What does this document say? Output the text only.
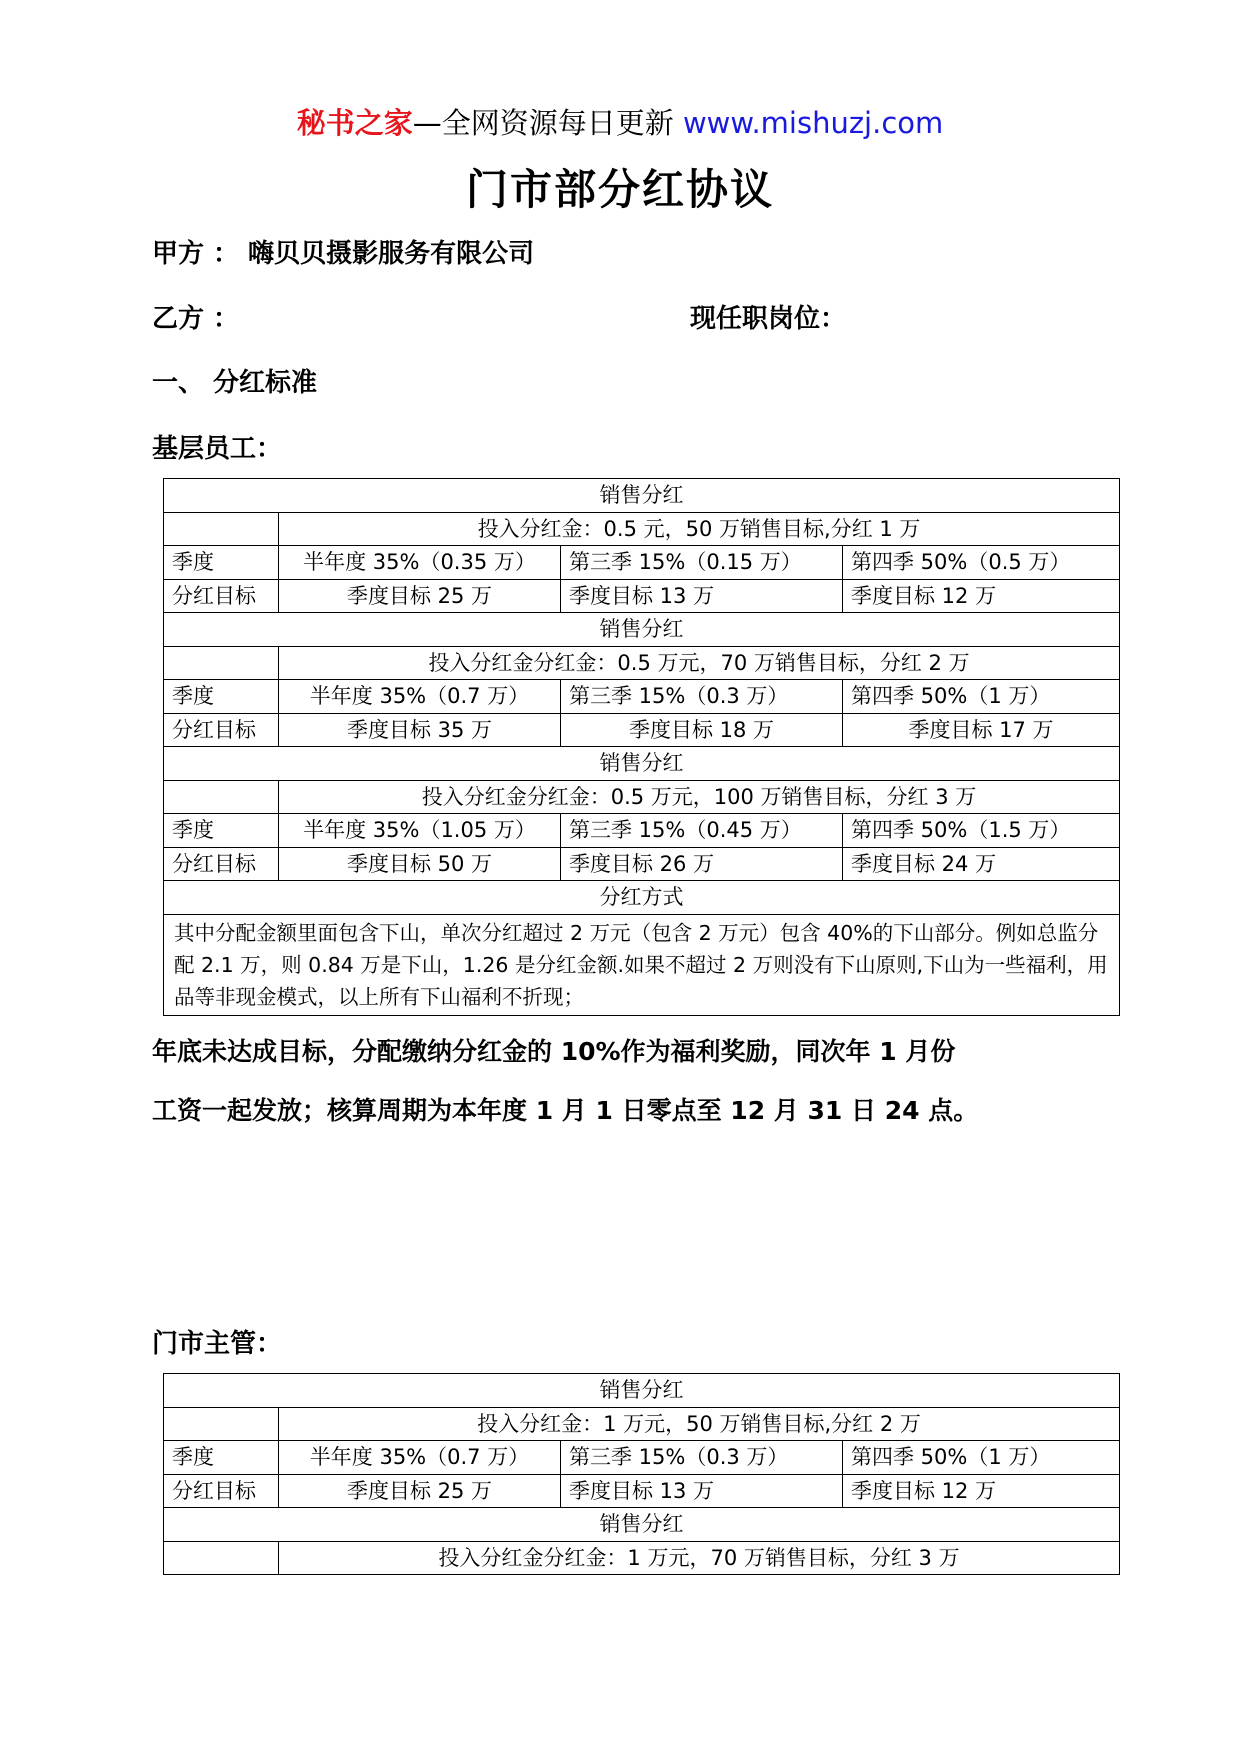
秘书之家—全网资源每日更新 www.mishuzj.com
门市部分红协议
甲方 ： 嗨贝贝摄影服务有限公司
乙方 ：	现任职岗位：
一、 分红标准
基层员工：
销售分红			
	投入分红金：0.5 元，50 万销售目标,分红 1 万		
季度	半年度 35%（0.35 万）	第三季 15%（0.15 万）	第四季 50%（0.5 万）
分红目标	季度目标 25 万	季度目标 13 万	季度目标 12 万
销售分红			
	投入分红金分红金：0.5 万元，70 万销售目标，分红 2 万		
季度	半年度 35%（0.7 万）	第三季 15%（0.3 万）	第四季 50%（1 万）
分红目标	季度目标 35 万	季度目标 18 万	季度目标 17 万
销售分红			
	投入分红金分红金：0.5 万元，100 万销售目标，分红 3 万		
季度	半年度 35%（1.05 万）	第三季 15%（0.45 万）	第四季 50%（1.5 万）
分红目标	季度目标 50 万	季度目标 26 万	季度目标 24 万
分红方式			
其中分配金额里面包含下山，单次分红超过 2 万元（包含 2 万元）包含 40%的下山部分。例如总监分配 2.1 万，则 0.84 万是下山，1.26 是分红金额.如果不超过 2 万则没有下山原则,下山为一些福利，用品等非现金模式，以上所有下山福利不折现；			
年底未达成目标，分配缴纳分红金的 10%作为福利奖励，同次年 1 月份
工资一起发放；核算周期为本年度 1 月 1 日零点至 12 月 31 日 24 点。
门市主管：
销售分红			
	投入分红金：1 万元，50 万销售目标,分红 2 万		
季度	半年度 35%（0.7 万）	第三季 15%（0.3 万）	第四季 50%（1 万）
分红目标	季度目标 25 万	季度目标 13 万	季度目标 12 万
销售分红			
	投入分红金分红金：1 万元，70 万销售目标，分红 3 万		
